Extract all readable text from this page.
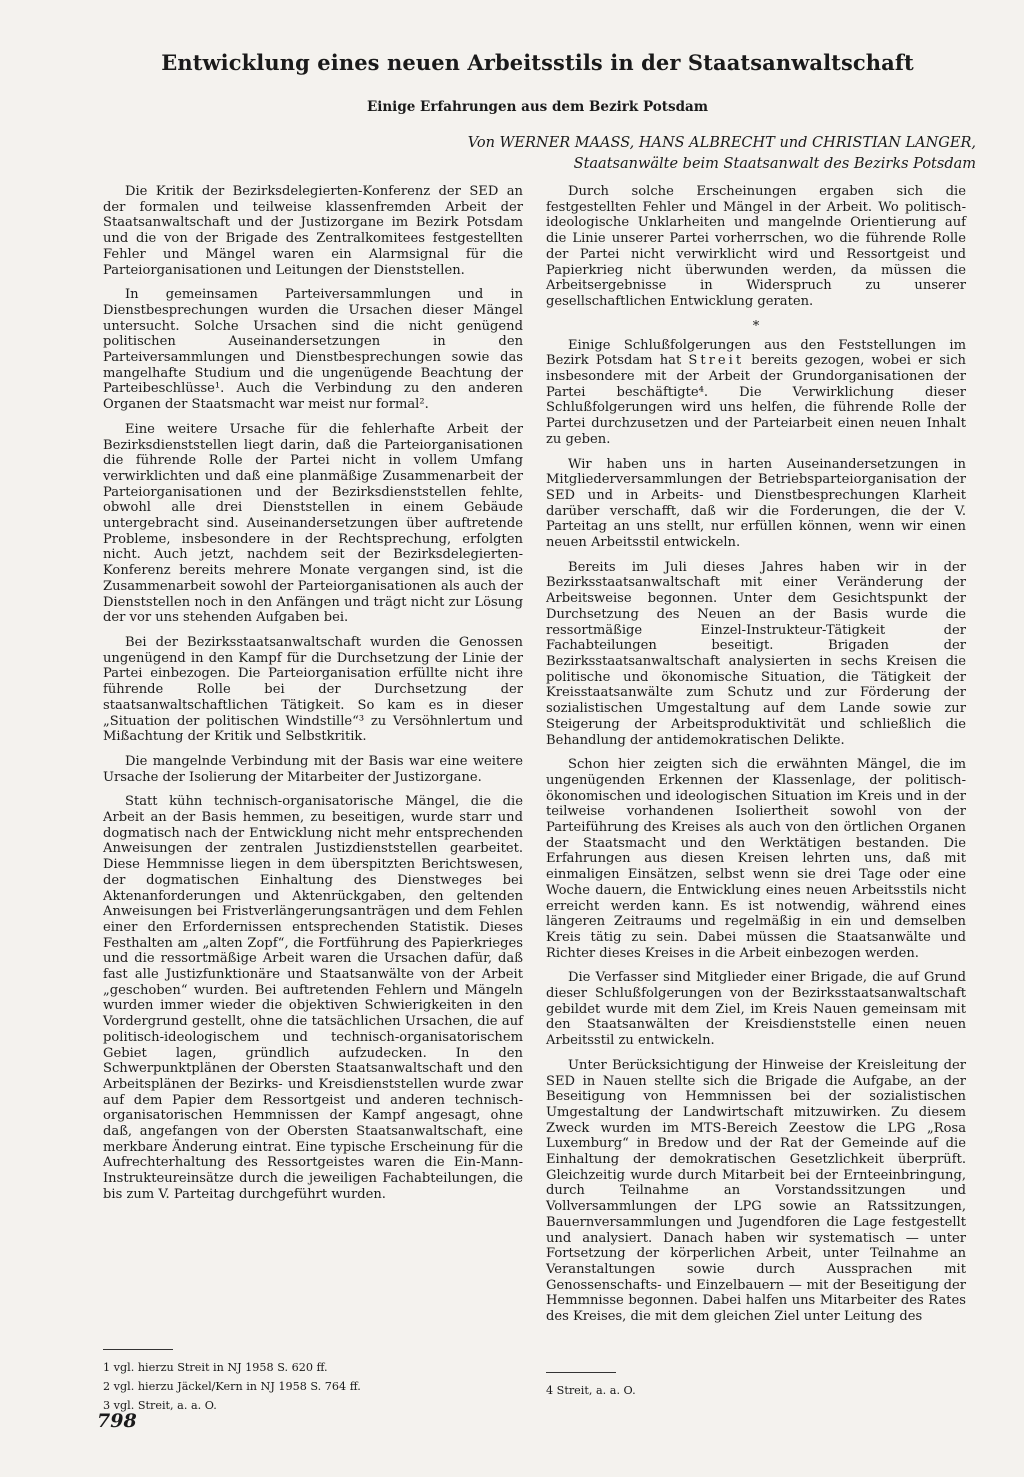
Entwicklung eines neuen Arbeitsstils in der Staatsanwaltschaft
Einige Erfahrungen aus dem Bezirk Potsdam
Von WERNER MAASS, HANS ALBRECHT und CHRISTIAN LANGER,
Staatsanwälte beim Staatsanwalt des Bezirks Potsdam

Die Kritik der Bezirksdelegierten-Konferenz der SED an der formalen und teilweise klassenfremden Arbeit der Staatsanwaltschaft und der Justizorgane im Bezirk Potsdam und die von der Brigade des Zentralkomitees festgestellten Fehler und Mängel waren ein Alarmsignal für die Parteiorganisationen und Leitungen der Dienststellen.

In gemeinsamen Parteiversammlungen und in Dienstbesprechungen wurden die Ursachen dieser Mängel untersucht. Solche Ursachen sind die nicht genügend politischen Auseinandersetzungen in den Parteiversammlungen und Dienstbesprechungen sowie das mangelhafte Studium und die ungenügende Beachtung der Parteibeschlüsse¹. Auch die Verbindung zu den anderen Organen der Staatsmacht war meist nur formal².

Eine weitere Ursache für die fehlerhafte Arbeit der Bezirksdienststellen liegt darin, daß die Parteiorganisationen die führende Rolle der Partei nicht in vollem Umfang verwirklichten und daß eine planmäßige Zusammenarbeit der Parteiorganisationen und der Bezirksdienststellen fehlte, obwohl alle drei Dienststellen in einem Gebäude untergebracht sind. Auseinandersetzungen über auftretende Probleme, insbesondere in der Rechtsprechung, erfolgten nicht. Auch jetzt, nachdem seit der Bezirksdelegierten-Konferenz bereits mehrere Monate vergangen sind, ist die Zusammenarbeit sowohl der Parteiorganisationen als auch der Dienststellen noch in den Anfängen und trägt nicht zur Lösung der vor uns stehenden Aufgaben bei.

Bei der Bezirksstaatsanwaltschaft wurden die Genossen ungenügend in den Kampf für die Durchsetzung der Linie der Partei einbezogen. Die Parteiorganisation erfüllte nicht ihre führende Rolle bei der Durchsetzung der staatsanwaltschaftlichen Tätigkeit. So kam es in dieser „Situation der politischen Windstille“³ zu Versöhnlertum und Mißachtung der Kritik und Selbstkritik.

Die mangelnde Verbindung mit der Basis war eine weitere Ursache der Isolierung der Mitarbeiter der Justizorgane.

Statt kühn technisch-organisatorische Mängel, die die Arbeit an der Basis hemmen, zu beseitigen, wurde starr und dogmatisch nach der Entwicklung nicht mehr entsprechenden Anweisungen der zentralen Justizdienststellen gearbeitet. Diese Hemmnisse liegen in dem überspitzten Berichtswesen, der dogmatischen Einhaltung des Dienstweges bei Aktenanforderungen und Aktenrückgaben, den geltenden Anweisungen bei Fristverlängerungsanträgen und dem Fehlen einer den Erfordernissen entsprechenden Statistik. Dieses Festhalten am „alten Zopf“, die Fortführung des Papierkrieges und die ressortmäßige Arbeit waren die Ursachen dafür, daß fast alle Justizfunktionäre und Staatsanwälte von der Arbeit „geschoben“ wurden. Bei auftretenden Fehlern und Mängeln wurden immer wieder die objektiven Schwierigkeiten in den Vordergrund gestellt, ohne die tatsächlichen Ursachen, die auf politisch-ideologischem und technisch-organisatorischem Gebiet lagen, gründlich aufzudecken. In den Schwerpunktplänen der Obersten Staatsanwaltschaft und den Arbeitsplänen der Bezirks- und Kreisdienststellen wurde zwar auf dem Papier dem Ressortgeist und anderen technisch-organisatorischen Hemmnissen der Kampf angesagt, ohne daß, angefangen von der Obersten Staatsanwaltschaft, eine merkbare Änderung eintrat. Eine typische Erscheinung für die Aufrechterhaltung des Ressortgeistes waren die Ein-Mann-Instrukteureinsätze durch die jeweiligen Fachabteilungen, die bis zum V. Parteitag durchgeführt wurden.

Durch solche Erscheinungen ergaben sich die festgestellten Fehler und Mängel in der Arbeit. Wo politisch-ideologische Unklarheiten und mangelnde Orientierung auf die Linie unserer Partei vorherrschen, wo die führende Rolle der Partei nicht verwirklicht wird und Ressortgeist und Papierkrieg nicht überwunden werden, da müssen die Arbeitsergebnisse in Widerspruch zu unserer gesellschaftlichen Entwicklung geraten.

*

Einige Schlußfolgerungen aus den Feststellungen im Bezirk Potsdam hat Streit bereits gezogen, wobei er sich insbesondere mit der Arbeit der Grundorganisationen der Partei beschäftigte⁴. Die Verwirklichung dieser Schlußfolgerungen wird uns helfen, die führende Rolle der Partei durchzusetzen und der Parteiarbeit einen neuen Inhalt zu geben.

Wir haben uns in harten Auseinandersetzungen in Mitgliederversammlungen der Betriebsparteiorganisation der SED und in Arbeits- und Dienstbesprechungen Klarheit darüber verschafft, daß wir die Forderungen, die der V. Parteitag an uns stellt, nur erfüllen können, wenn wir einen neuen Arbeitsstil entwickeln.

Bereits im Juli dieses Jahres haben wir in der Bezirksstaatsanwaltschaft mit einer Veränderung der Arbeitsweise begonnen. Unter dem Gesichtspunkt der Durchsetzung des Neuen an der Basis wurde die ressortmäßige Einzel-Instrukteur-Tätigkeit der Fachabteilungen beseitigt. Brigaden der Bezirksstaatsanwaltschaft analysierten in sechs Kreisen die politische und ökonomische Situation, die Tätigkeit der Kreisstaatsanwälte zum Schutz und zur Förderung der sozialistischen Umgestaltung auf dem Lande sowie zur Steigerung der Arbeitsproduktivität und schließlich die Behandlung der antidemokratischen Delikte.

Schon hier zeigten sich die erwähnten Mängel, die im ungenügenden Erkennen der Klassenlage, der politisch-ökonomischen und ideologischen Situation im Kreis und in der teilweise vorhandenen Isoliertheit sowohl von der Parteiführung des Kreises als auch von den örtlichen Organen der Staatsmacht und den Werktätigen bestanden. Die Erfahrungen aus diesen Kreisen lehrten uns, daß mit einmaligen Einsätzen, selbst wenn sie drei Tage oder eine Woche dauern, die Entwicklung eines neuen Arbeitsstils nicht erreicht werden kann. Es ist notwendig, während eines längeren Zeitraums und regelmäßig in ein und demselben Kreis tätig zu sein. Dabei müssen die Staatsanwälte und Richter dieses Kreises in die Arbeit einbezogen werden.

Die Verfasser sind Mitglieder einer Brigade, die auf Grund dieser Schlußfolgerungen von der Bezirksstaatsanwaltschaft gebildet wurde mit dem Ziel, im Kreis Nauen gemeinsam mit den Staatsanwälten der Kreisdienststelle einen neuen Arbeitsstil zu entwickeln.

Unter Berücksichtigung der Hinweise der Kreisleitung der SED in Nauen stellte sich die Brigade die Aufgabe, an der Beseitigung von Hemmnissen bei der sozialistischen Umgestaltung der Landwirtschaft mitzuwirken. Zu diesem Zweck wurden im MTS-Bereich Zeestow die LPG „Rosa Luxemburg“ in Bredow und der Rat der Gemeinde auf die Einhaltung der demokratischen Gesetzlichkeit überprüft. Gleichzeitig wurde durch Mitarbeit bei der Ernteeinbringung, durch Teilnahme an Vorstandssitzungen und Vollversammlungen der LPG sowie an Ratssitzungen, Bauernversammlungen und Jugendforen die Lage festgestellt und analysiert. Danach haben wir systematisch — unter Fortsetzung der körperlichen Arbeit, unter Teilnahme an Veranstaltungen sowie durch Aussprachen mit Genossenschafts- und Einzelbauern — mit der Beseitigung der Hemmnisse begonnen. Dabei halfen uns Mitarbeiter des Rates des Kreises, die mit dem gleichen Ziel unter Leitung des

1 vgl. hierzu Streit in NJ 1958 S. 620 ff.

2 vgl. hierzu Jäckel/Kern in NJ 1958 S. 764 ff.

3 vgl. Streit, a. a. O.

4 Streit, a. a. O.

798
